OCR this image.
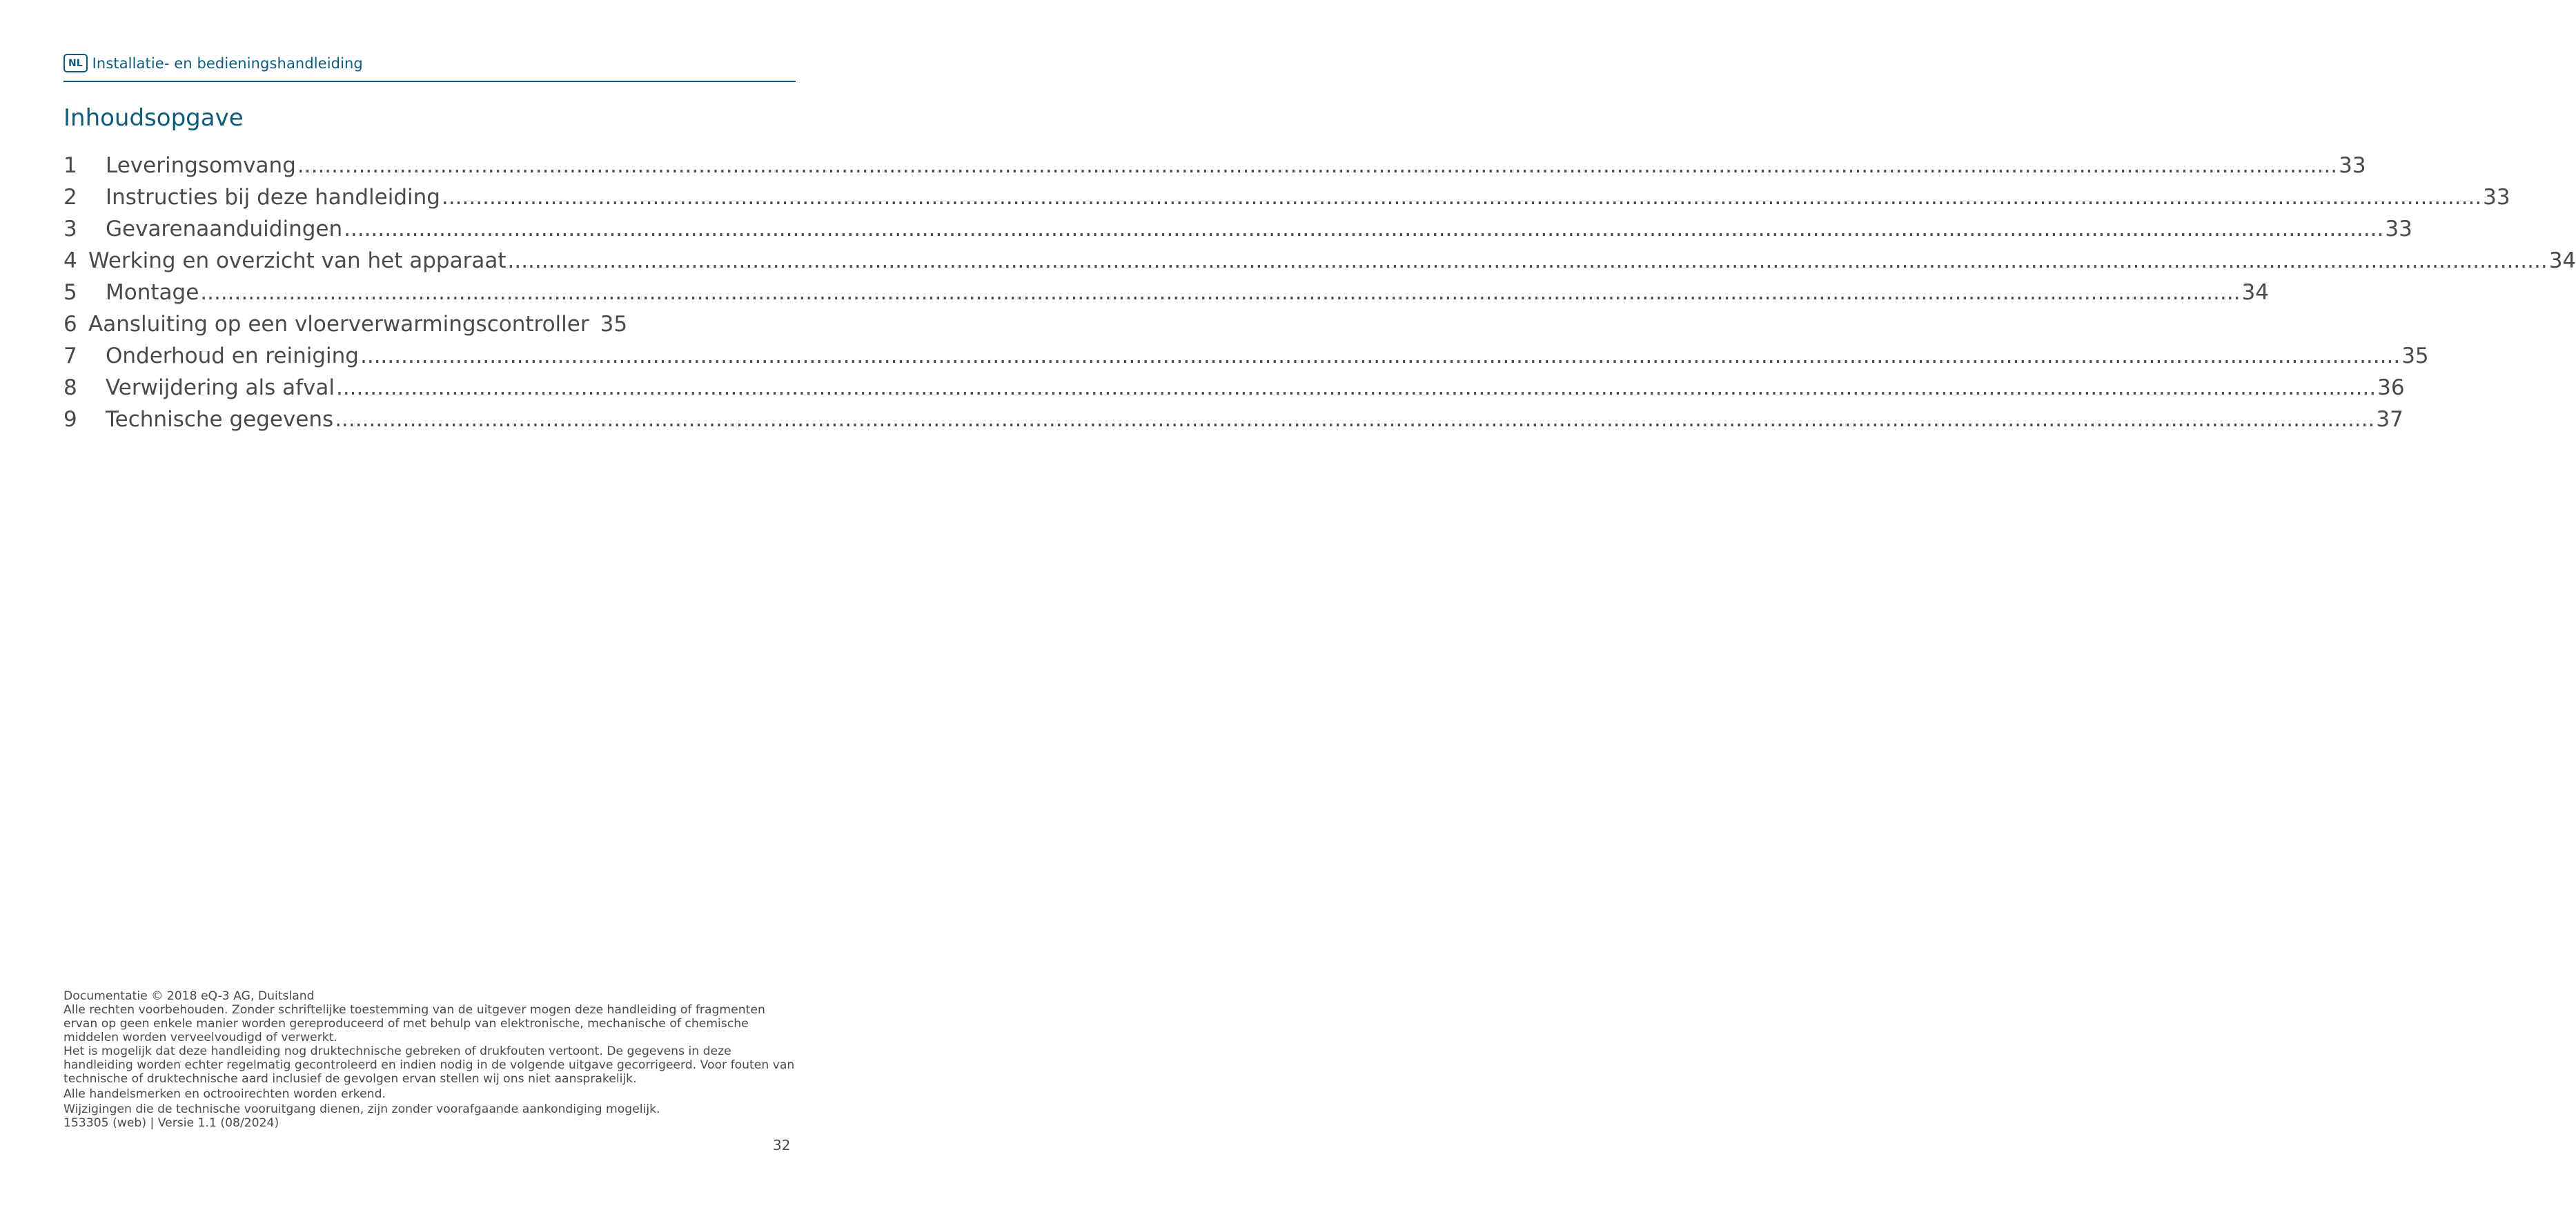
NL Installatie- en bedieningshandleiding
Inhoudsopgave
1 Leveringsomvang ............................................................................................................................................................................................................................................................................................................ 33
2 Instructies bij deze handleiding ............................................................................................................................................................................................................................................................................................................ 33
3 Gevarenaanduidingen ............................................................................................................................................................................................................................................................................................................ 33
4 Werking en overzicht van het apparaat ............................................................................................................................................................................................................................................................................................................ 34
5 Montage ............................................................................................................................................................................................................................................................................................................ 34
6 Aansluiting op een vloerverwarmingscontroller 35
7 Onderhoud en reiniging ............................................................................................................................................................................................................................................................................................................ 35
8 Verwijdering als afval ............................................................................................................................................................................................................................................................................................................ 36
9 Technische gegevens ............................................................................................................................................................................................................................................................................................................ 37

Documentatie © 2018 eQ-3 AG, Duitsland

Alle rechten voorbehouden. Zonder schriftelijke toestemming van de uitgever mogen deze handleiding of fragmenten ervan op geen enkele manier worden gereproduceerd of met behulp van elektronische, mechanische of chemische middelen worden verveelvoudigd of verwerkt.

Het is mogelijk dat deze handleiding nog druktechnische gebreken of drukfouten vertoont. De gegevens in deze handleiding worden echter regelmatig gecontroleerd en indien nodig in de volgende uitgave gecorrigeerd. Voor fouten van technische of druktechnische aard inclusief de gevolgen ervan stellen wij ons niet aansprakelijk.

Alle handelsmerken en octrooirechten worden erkend.

Wijzigingen die de technische vooruitgang dienen, zijn zonder voorafgaande aankondiging mogelijk.

153305 (web) | Versie 1.1 (08/2024)

32
